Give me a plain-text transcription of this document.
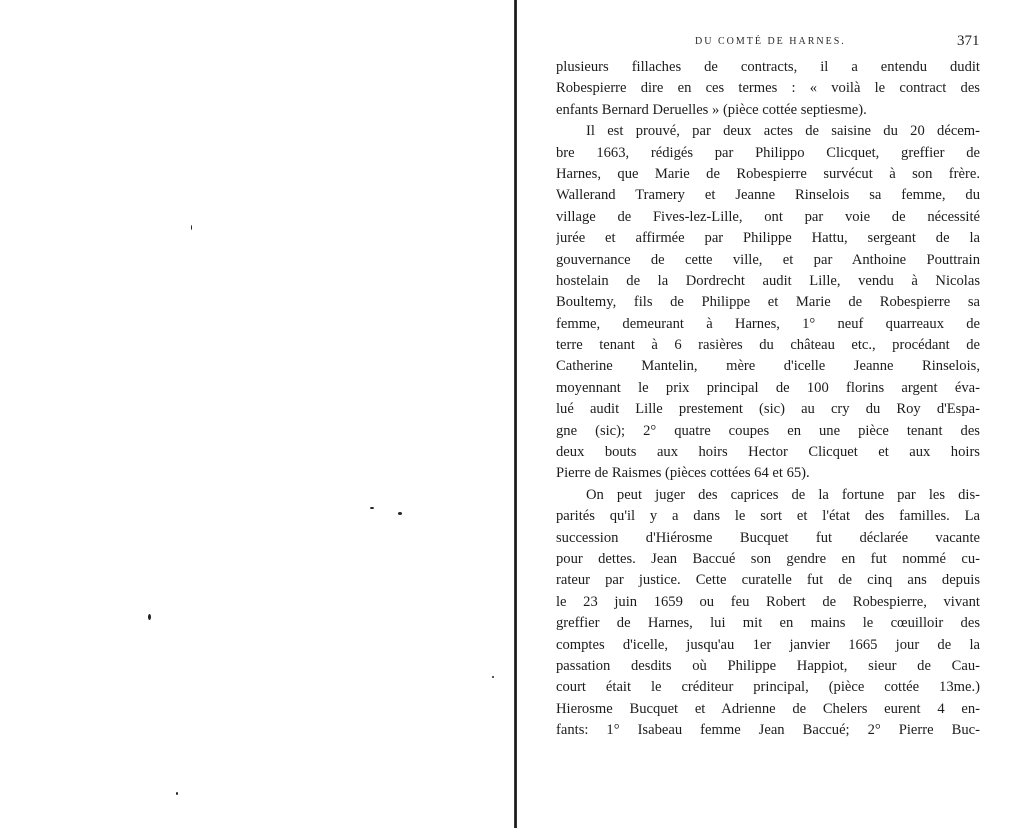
DU COMTÉ DE HARNES.	371
plusieurs fillaches de contracts, il a entendu dudit
Robespierre dire en ces termes : « voilà le contract des
enfants Bernard Deruelles » (pièce cottée septiesme).
Il est prouvé, par deux actes de saisine du 20 décem-
bre 1663, rédigés par Philippo Clicquet, greffier de
Harnes, que Marie de Robespierre survécut à son frère.
Wallerand Tramery et Jeanne Rinselois sa femme, du
village de Fives-lez-Lille, ont par voie de nécessité
jurée et affirmée par Philippe Hattu, sergeant de la
gouvernance de cette ville, et par Anthoine Pouttrain
hostelain de la Dordrecht audit Lille, vendu à Nicolas
Boultemy, fils de Philippe et Marie de Robespierre sa
femme, demeurant à Harnes, 1° neuf quarreaux de
terre tenant à 6 rasières du château etc., procédant de
Catherine Mantelin, mère d'icelle Jeanne Rinselois,
moyennant le prix principal de 100 florins argent éva-
lué audit Lille prestement (sic) au cry du Roy d'Espa-
gne (sic); 2° quatre coupes en une pièce tenant des
deux bouts aux hoirs Hector Clicquet et aux hoirs
Pierre de Raismes (pièces cottées 64 et 65).
On peut juger des caprices de la fortune par les dis-
parités qu'il y a dans le sort et l'état des familles. La
succession d'Hiérosme Bucquet fut déclarée vacante
pour dettes. Jean Baccué son gendre en fut nommé cu-
rateur par justice. Cette curatelle fut de cinq ans depuis
le 23 juin 1659 ou feu Robert de Robespierre, vivant
greffier de Harnes, lui mit en mains le cœuilloir des
comptes d'icelle, jusqu'au 1er janvier 1665 jour de la
passation desdits où Philippe Happiot, sieur de Cau-
court était le créditeur principal, (pièce cottée 13me.)
Hierosme Bucquet et Adrienne de Chelers eurent 4 en-
fants: 1° Isabeau femme Jean Baccué; 2° Pierre Buc-
